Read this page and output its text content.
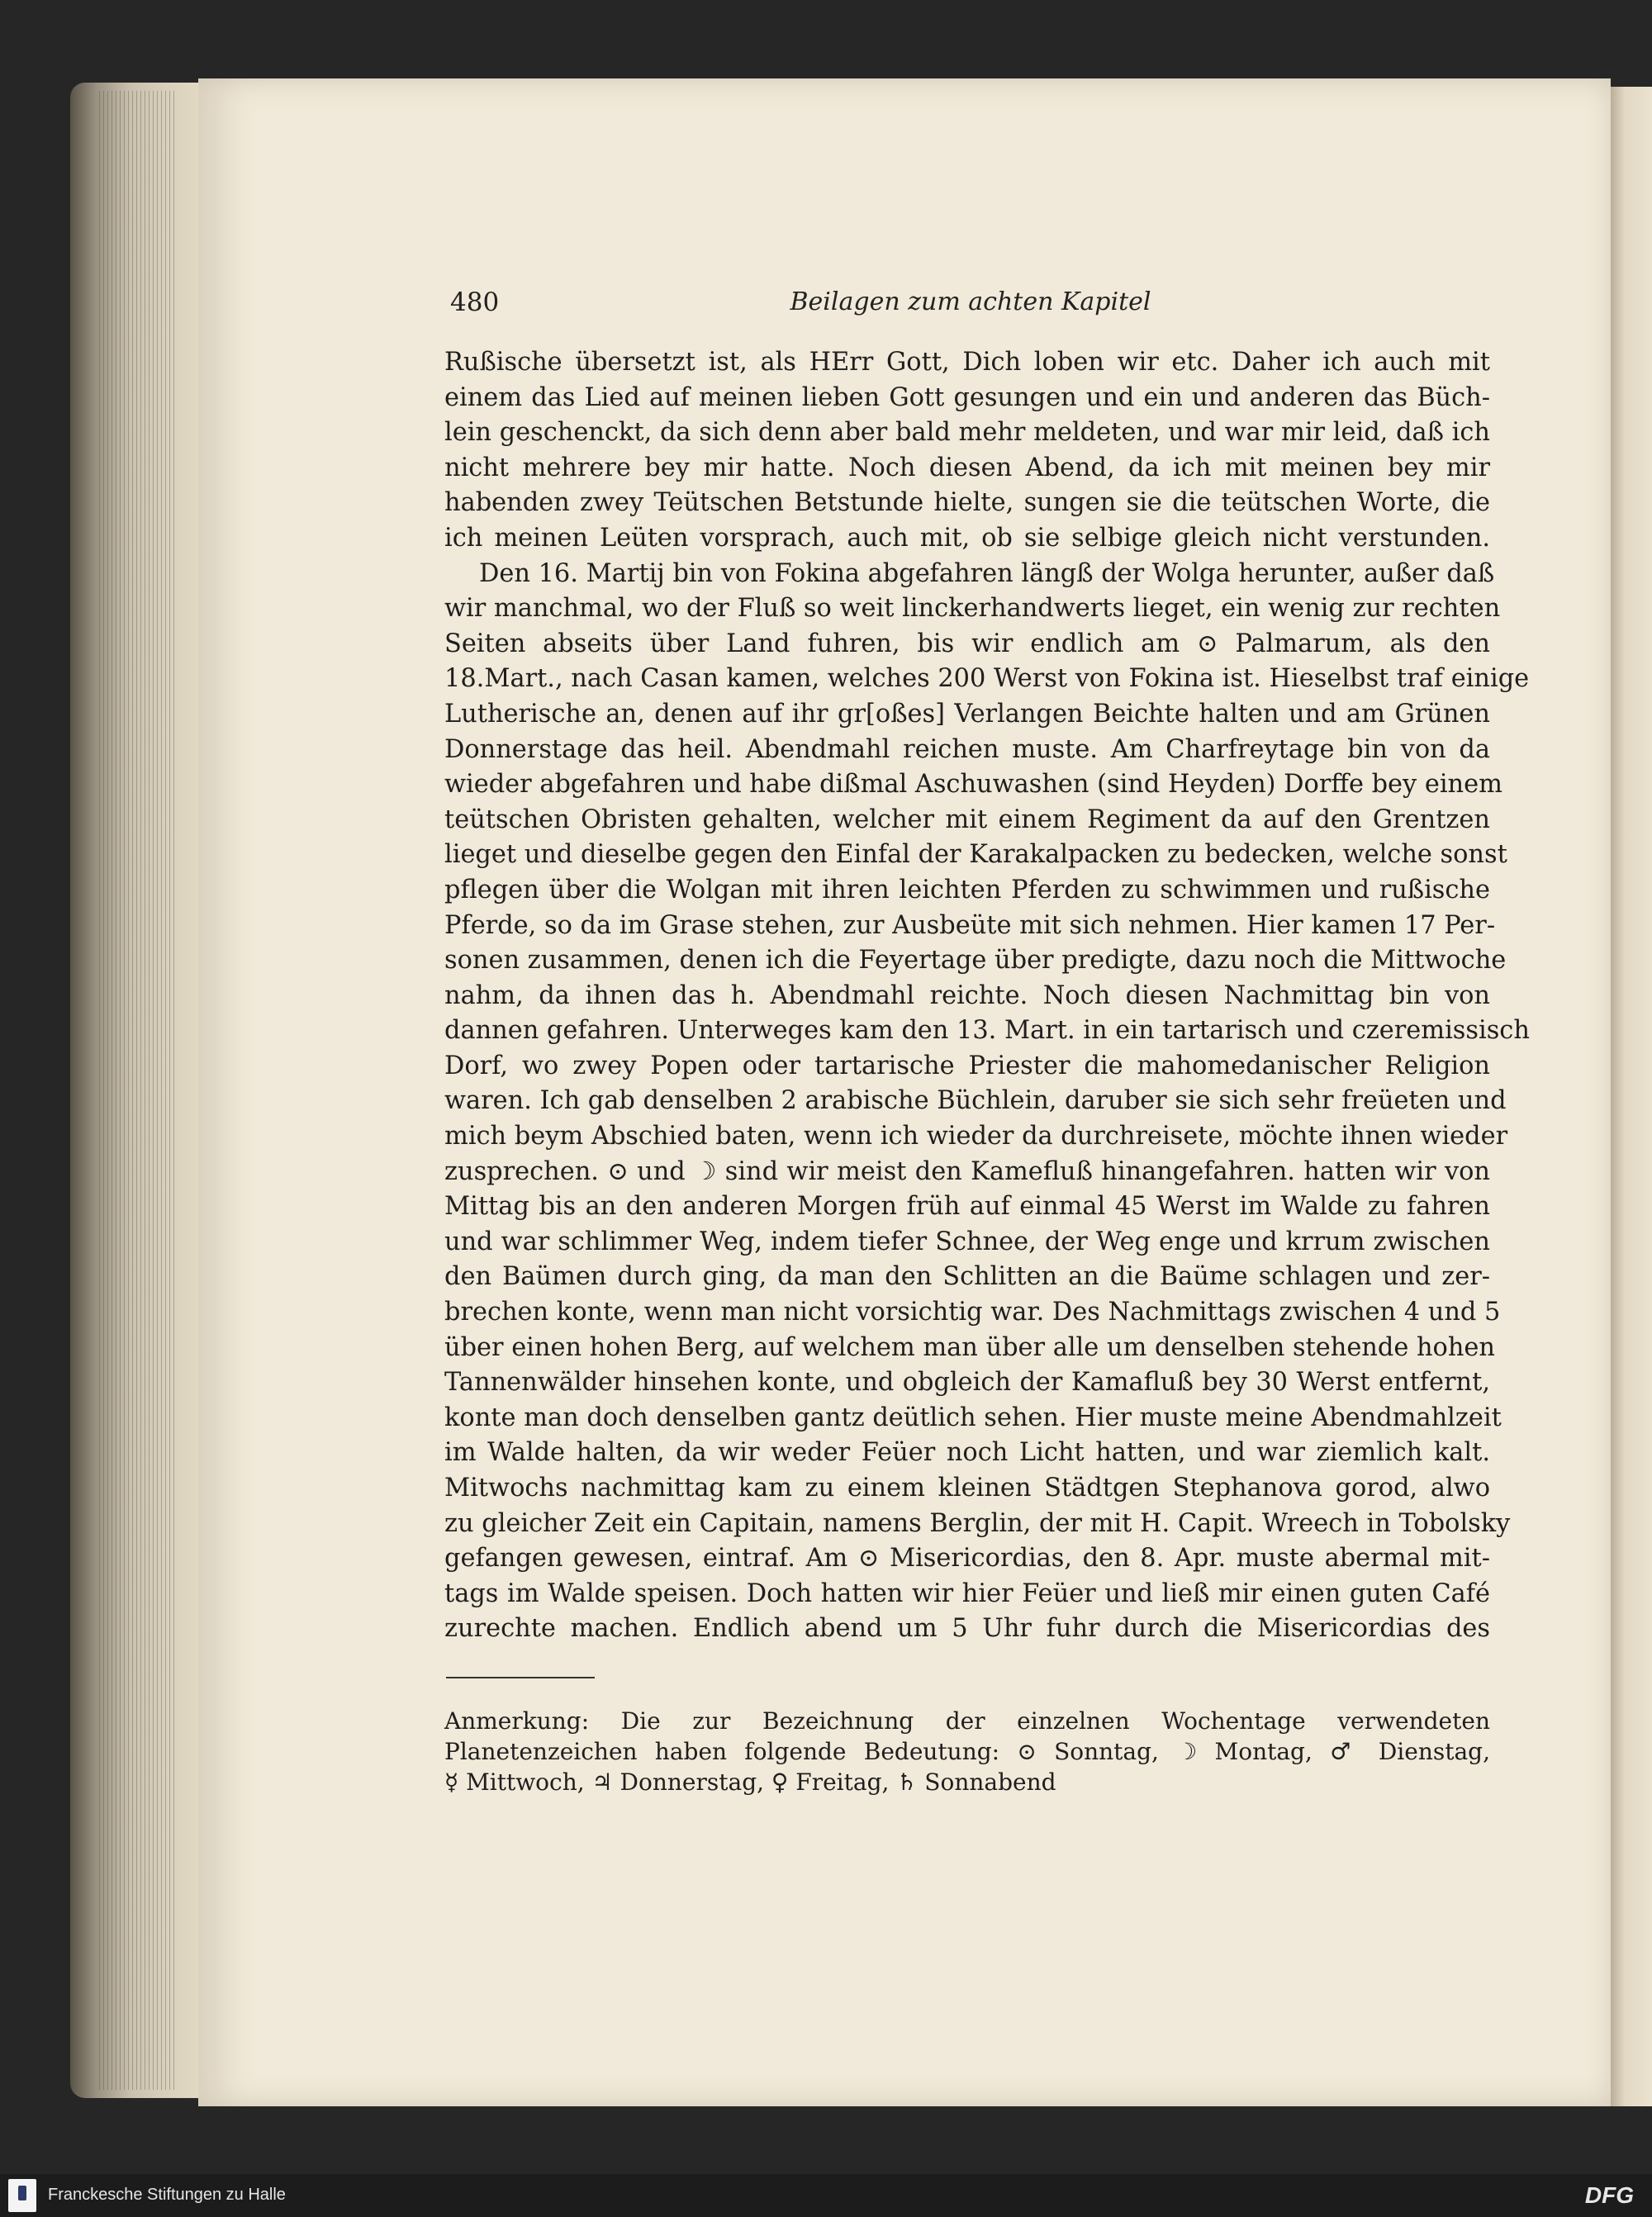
480	Beilagen zum achten Kapitel
Rußische übersetzt ist, als HErr Gott, Dich loben wir etc. Daher ich auch mit
einem das Lied auf meinen lieben Gott gesungen und ein und anderen das Büch-
lein geschenckt, da sich denn aber bald mehr meldeten, und war mir leid, daß ich
nicht mehrere bey mir hatte. Noch diesen Abend, da ich mit meinen bey mir
habenden zwey Teütschen Betstunde hielte, sungen sie die teütschen Worte, die
ich meinen Leüten vorsprach, auch mit, ob sie selbige gleich nicht verstunden.
Den 16. Martij bin von Fokina abgefahren längß der Wolga herunter, außer daß
wir manchmal, wo der Fluß so weit linckerhandwerts lieget, ein wenig zur rechten
Seiten abseits über Land fuhren, bis wir endlich am ⊙ Palmarum, als den
18.Mart., nach Casan kamen, welches 200 Werst von Fokina ist. Hieselbst traf einige
Lutherische an, denen auf ihr gr[oßes] Verlangen Beichte halten und am Grünen
Donnerstage das heil. Abendmahl reichen muste. Am Charfreytage bin von da
wieder abgefahren und habe dißmal Aschuwashen (sind Heyden) Dorffe bey einem
teütschen Obristen gehalten, welcher mit einem Regiment da auf den Grentzen
lieget und dieselbe gegen den Einfal der Karakalpacken zu bedecken, welche sonst
pflegen über die Wolgan mit ihren leichten Pferden zu schwimmen und rußische
Pferde, so da im Grase stehen, zur Ausbeüte mit sich nehmen. Hier kamen 17 Per-
sonen zusammen, denen ich die Feyertage über predigte, dazu noch die Mittwoche
nahm, da ihnen das h. Abendmahl reichte. Noch diesen Nachmittag bin von
dannen gefahren. Unterweges kam den 13. Mart. in ein tartarisch und czeremissisch
Dorf, wo zwey Popen oder tartarische Priester die mahomedanischer Religion
waren. Ich gab denselben 2 arabische Büchlein, daruber sie sich sehr freüeten und
mich beym Abschied baten, wenn ich wieder da durchreisete, möchte ihnen wieder
zusprechen. ⊙ und ☽ sind wir meist den Kamefluß hinangefahren. hatten wir von
Mittag bis an den anderen Morgen früh auf einmal 45 Werst im Walde zu fahren
und war schlimmer Weg, indem tiefer Schnee, der Weg enge und krrum zwischen
den Baümen durch ging, da man den Schlitten an die Baüme schlagen und zer-
brechen konte, wenn man nicht vorsichtig war. Des Nachmittags zwischen 4 und 5
über einen hohen Berg, auf welchem man über alle um denselben stehende hohen
Tannenwälder hinsehen konte, und obgleich der Kamafluß bey 30 Werst entfernt,
konte man doch denselben gantz deütlich sehen. Hier muste meine Abendmahlzeit
im Walde halten, da wir weder Feüer noch Licht hatten, und war ziemlich kalt.
Mitwochs nachmittag kam zu einem kleinen Städtgen Stephanova gorod, alwo
zu gleicher Zeit ein Capitain, namens Berglin, der mit H. Capit. Wreech in Tobolsky
gefangen gewesen, eintraf. Am ⊙ Misericordias, den 8. Apr. muste abermal mit-
tags im Walde speisen. Doch hatten wir hier Feüer und ließ mir einen guten Café
zurechte machen. Endlich abend um 5 Uhr fuhr durch die Misericordias des
Anmerkung: Die zur Bezeichnung der einzelnen Wochentage verwendeten
Planetenzeichen haben folgende Bedeutung: ⊙ Sonntag, ☽ Montag, ♂ Dienstag,
☿ Mittwoch, ♃ Donnerstag, ♀ Freitag, ♄ Sonnabend
Franckesche Stiftungen zu Halle	DFG
